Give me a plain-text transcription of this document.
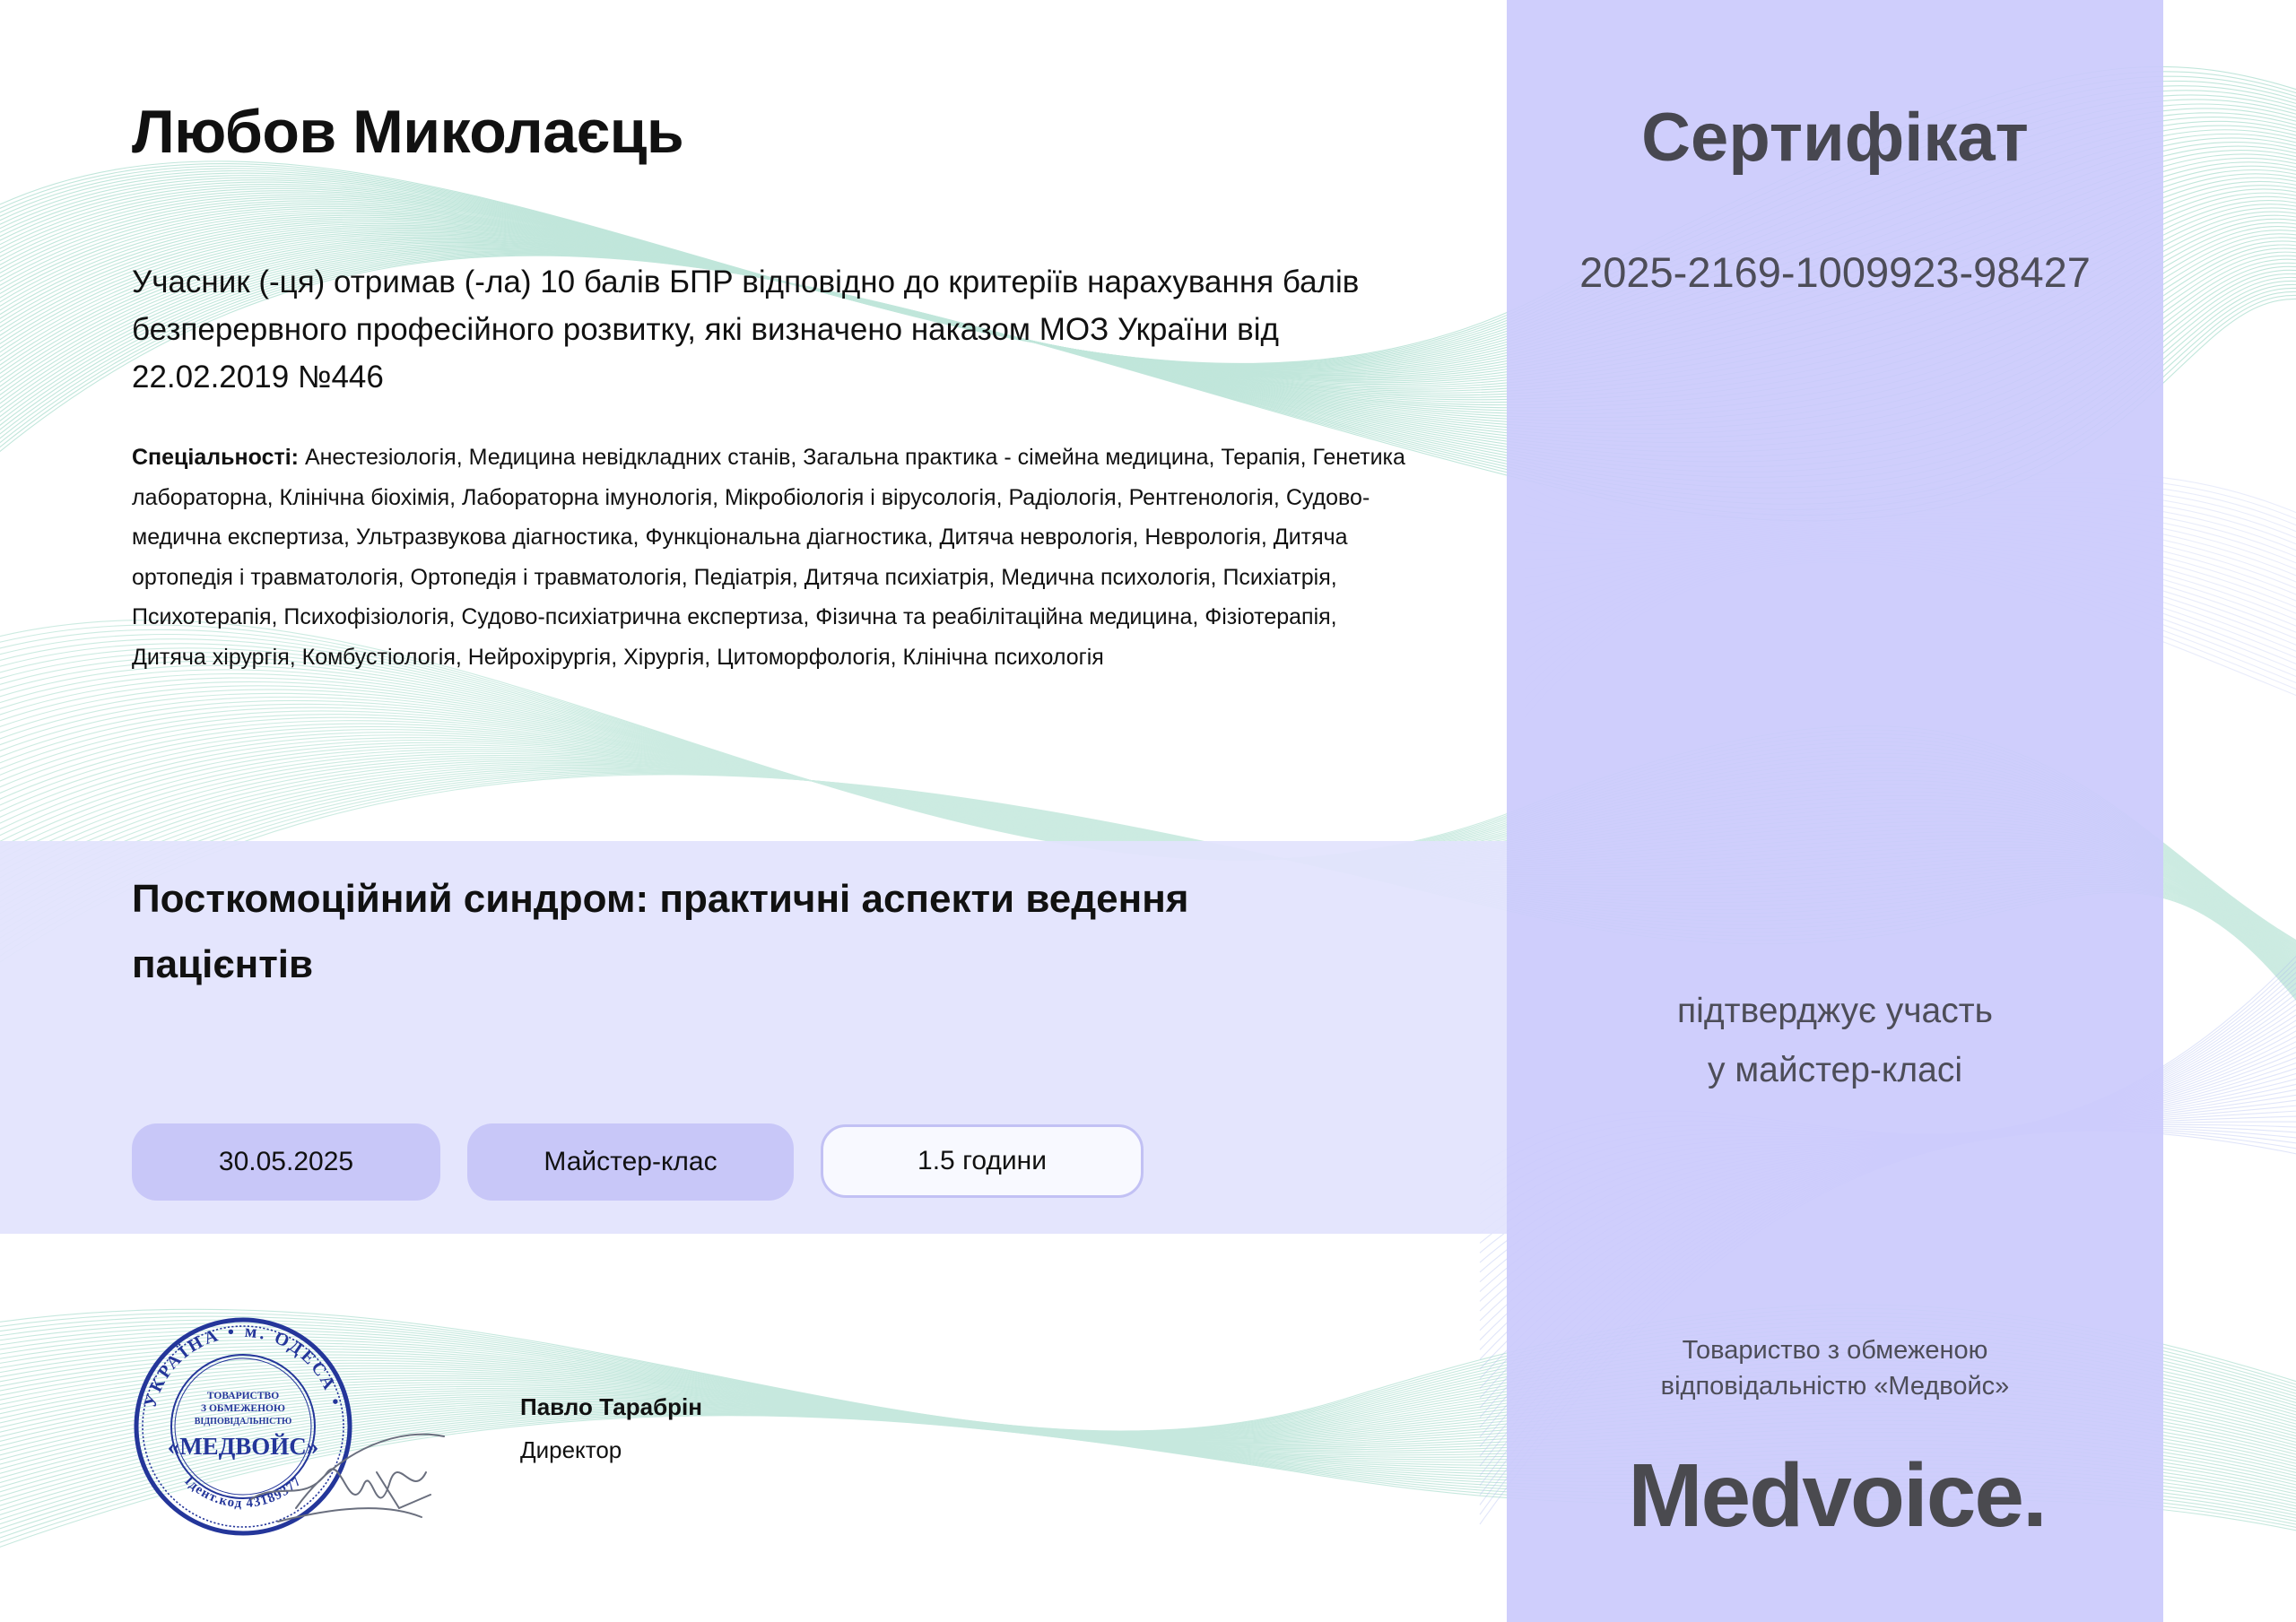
Любов Миколаєць
Учасник (-ця) отримав (-ла) 10 балів БПР відповідно до критеріїв нарахування балів безперервного професійного розвитку, які визначено наказом МОЗ України від 22.02.2019 №446
Спеціальності: Анестезіологія, Медицина невідкладних станів, Загальна практика - сімейна медицина, Терапія, Генетика лабораторна, Клінічна біохімія, Лабораторна імунологія, Мікробіологія і вірусологія, Радіологія, Рентгенологія, Судово-медична експертиза, Ультразвукова діагностика, Функціональна діагностика, Дитяча неврологія, Неврологія, Дитяча ортопедія і травматологія, Ортопедія і травматологія, Педіатрія, Дитяча психіатрія, Медична психологія, Психіатрія, Психотерапія, Психофізіологія, Судово-психіатрична експертиза, Фізична та реабілітаційна медицина, Фізіотерапія, Дитяча хірургія, Комбустіологія, Нейрохірургія, Хірургія, Цитоморфологія, Клінічна психологія
Посткомоційний синдром: практичні аспекти ведення пацієнтів
30.05.2025	Майстер-клас	1.5 години
УКРАЇНА • м. ОДЕСА •
Ідент.код 43189377
ТОВАРИСТВО
З ОБМЕЖЕНОЮ
ВІДПОВІДАЛЬНІСТЮ
«МЕДВОЙС»
Павло Тарабрін
Директор
Сертифікат
2025-2169-1009923-98427
підтверджує участь
у майстер-класі
Товариство з обмеженою
відповідальністю «Медвойс»
Medvoice.
